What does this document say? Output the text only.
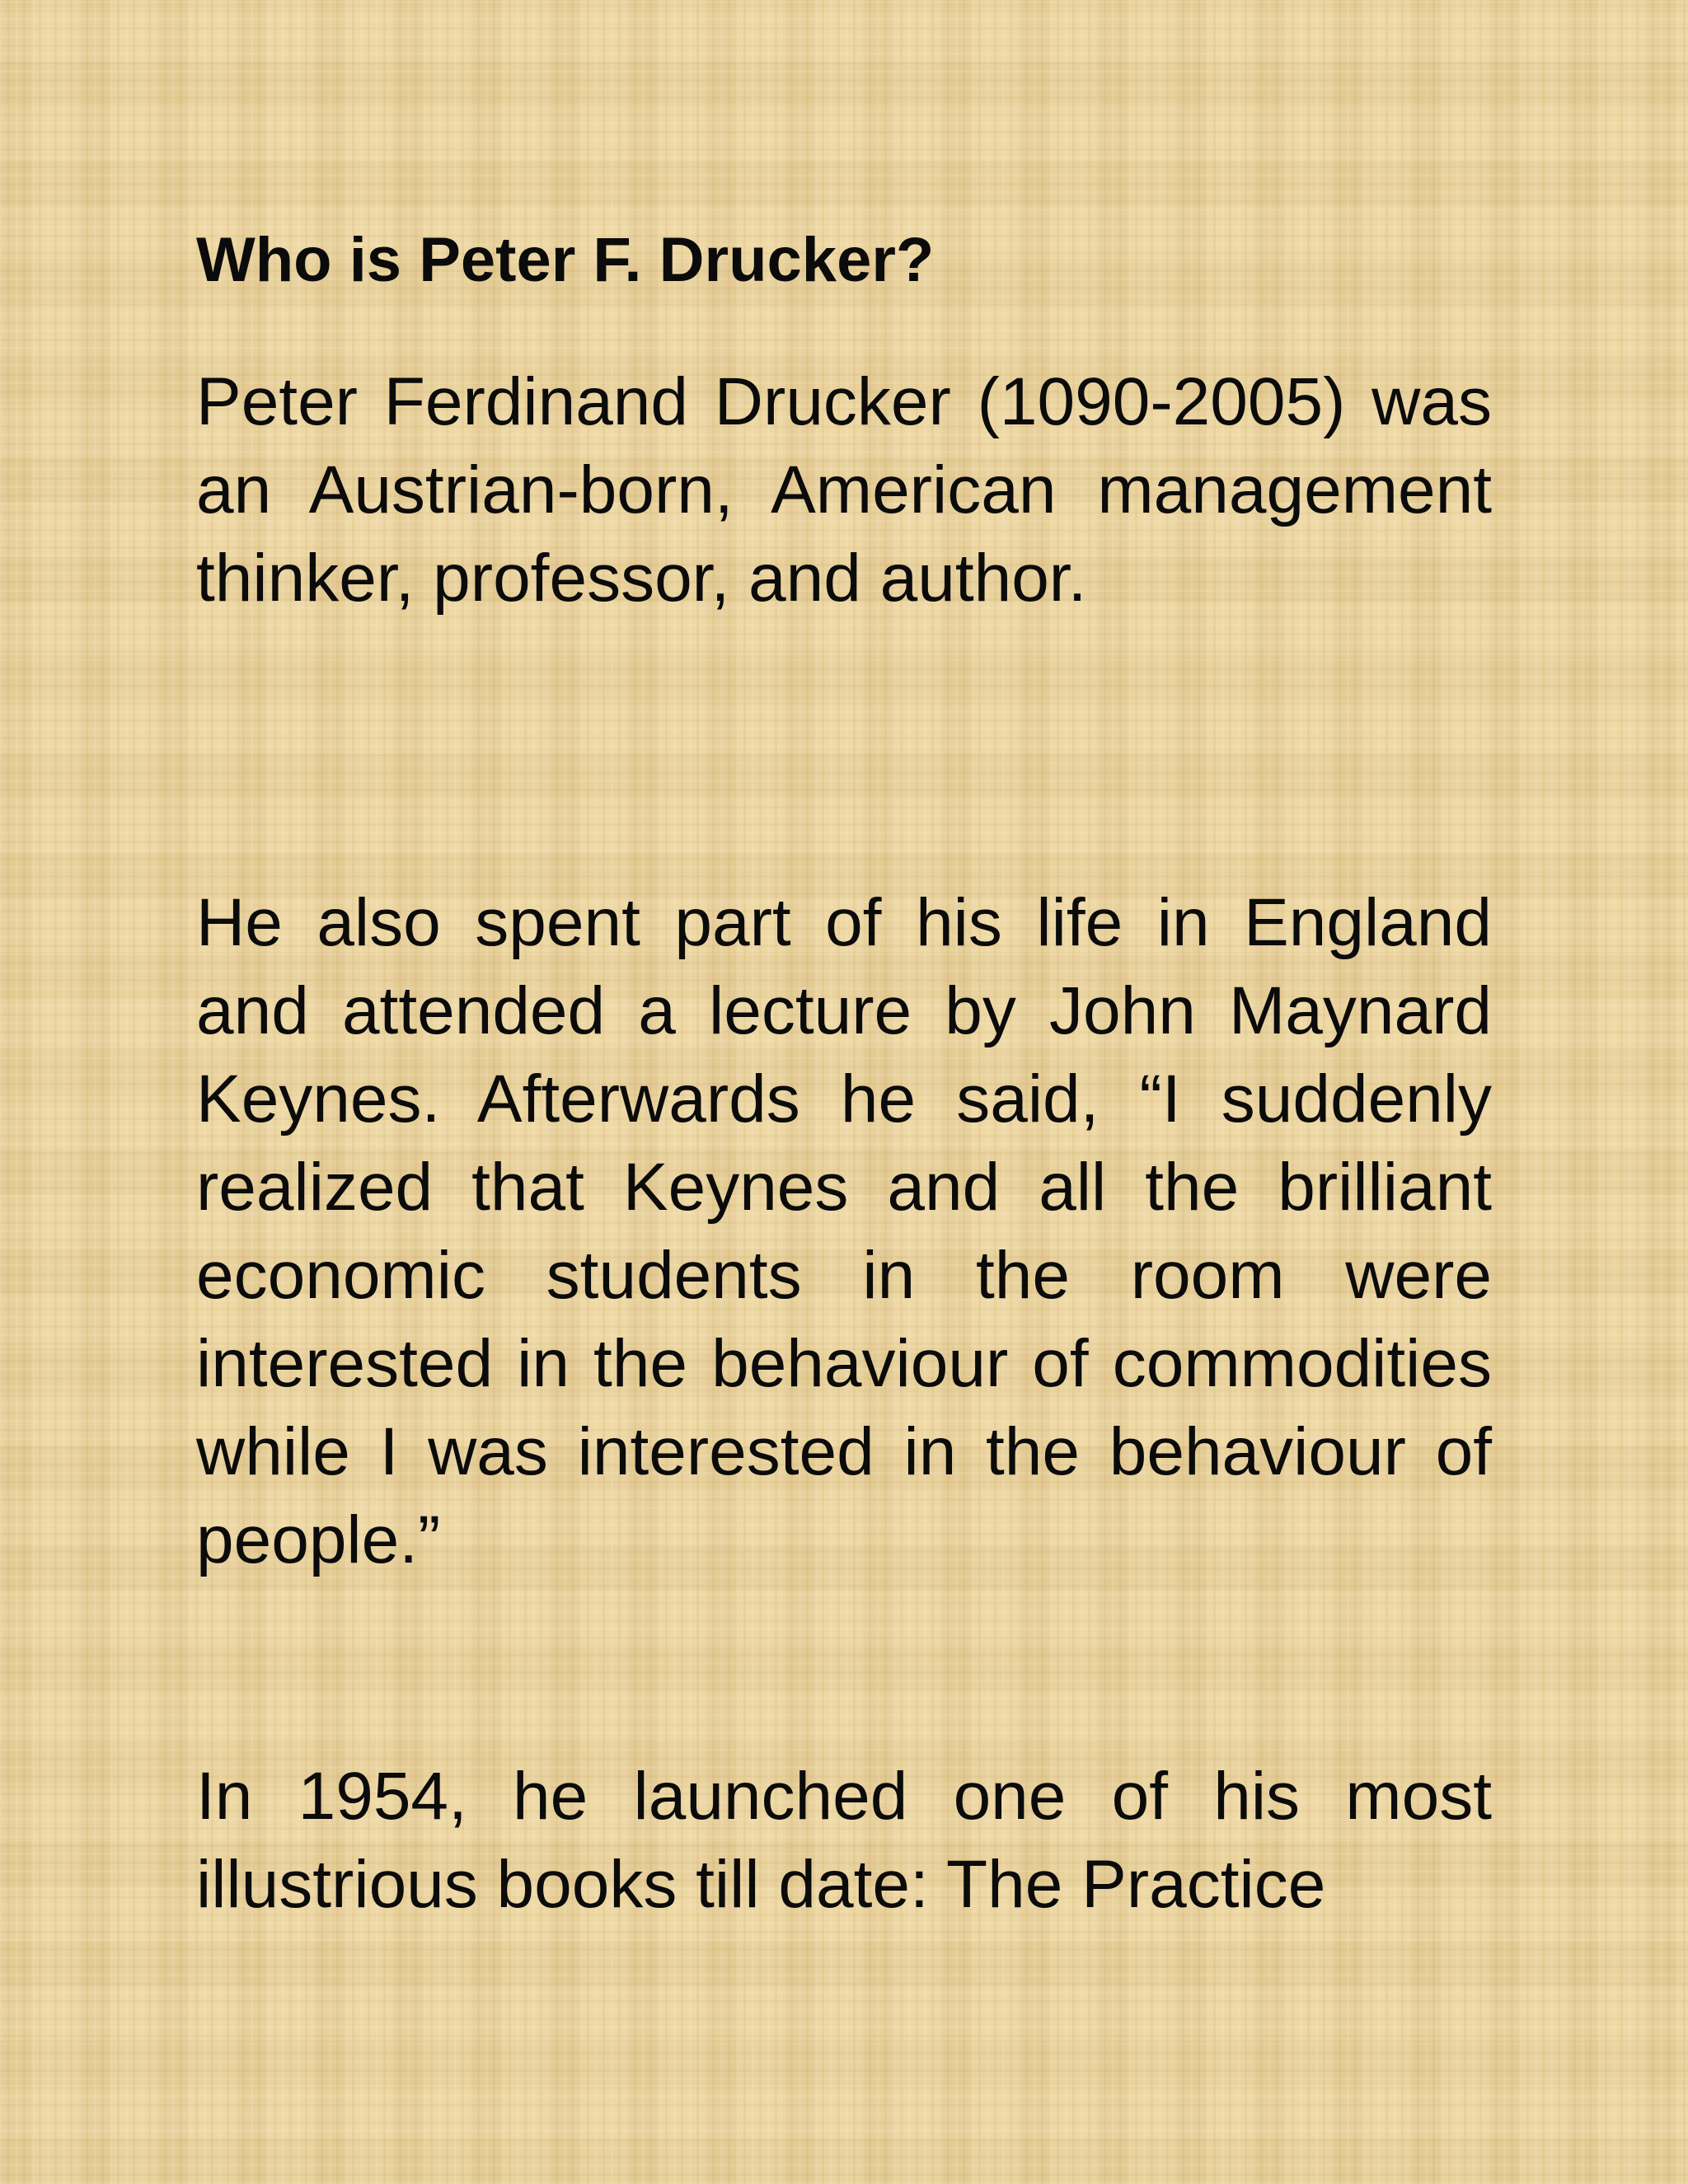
Who is Peter F. Drucker?

Peter Ferdinand Drucker (1090-2005) was an Austrian-born, American management thinker, professor, and author.

He also spent part of his life in England and attended a lecture by John Maynard Keynes. Afterwards he said, “I suddenly realized that Keynes and all the brilliant economic students in the room were interested in the behaviour of commodities while I was interested in the behaviour of people.”

In 1954, he launched one of his most illustrious books till date: The Practice
